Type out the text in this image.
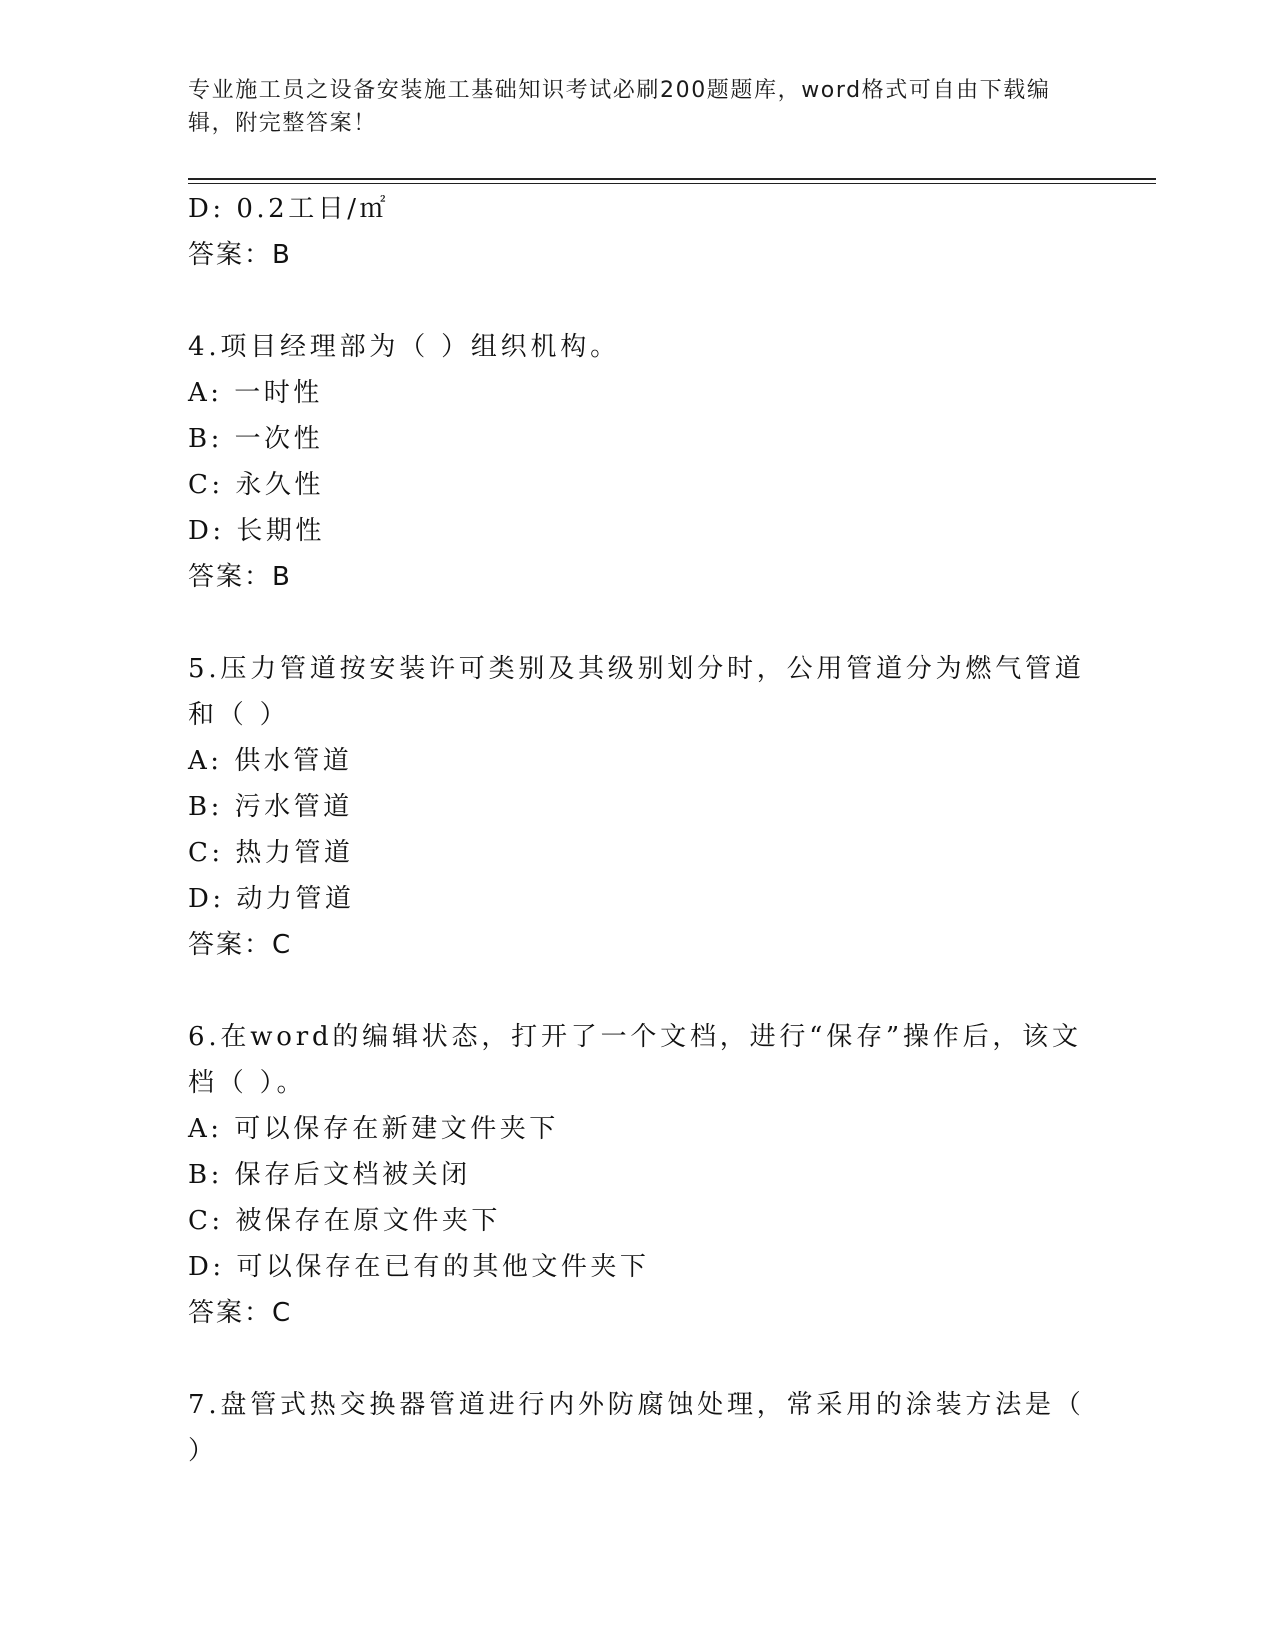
专业施工员之设备安装施工基础知识考试必刷200题题库，word格式可自由下载编辑，附完整答案！
D: 0.2工日/㎡
答案：B
4.项目经理部为（ ）组织机构。
A: 一时性
B: 一次性
C: 永久性
D: 长期性
答案：B
5.压力管道按安装许可类别及其级别划分时，公用管道分为燃气管道和（ ）
A: 供水管道
B: 污水管道
C: 热力管道
D: 动力管道
答案：C
6.在word的编辑状态，打开了一个文档，进行“保存”操作后，该文档（ ）。
A: 可以保存在新建文件夹下
B: 保存后文档被关闭
C: 被保存在原文件夹下
D: 可以保存在已有的其他文件夹下
答案：C
7.盘管式热交换器管道进行内外防腐蚀处理，常采用的涂装方法是（ ）
